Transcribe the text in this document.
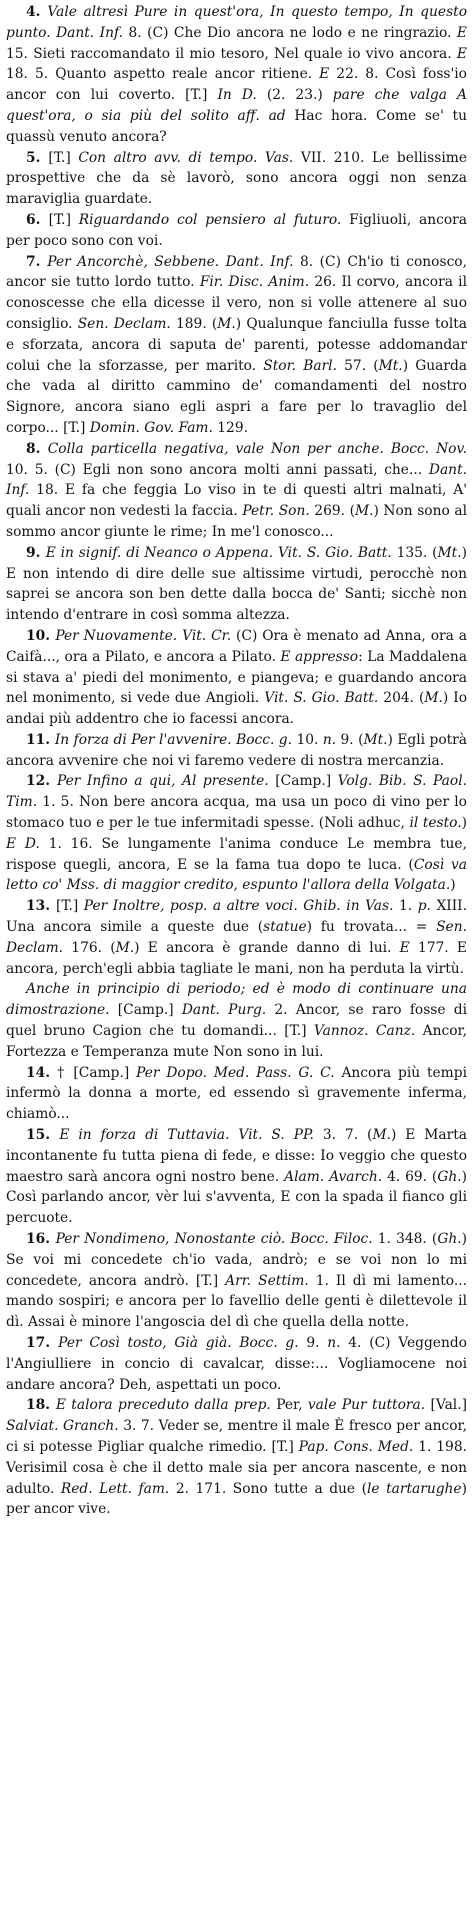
4. Vale altresì Pure in quest'ora, In questo tempo, In questo punto. Dant. Inf. 8. (C) Che Dio ancora ne lodo e ne ringrazio. E 15. Sieti raccomandato il mio tesoro, Nel quale io vivo ancora. E 18. 5. Quanto aspetto reale ancor ritiene. E 22. 8. Così foss'io ancor con lui coverto. [T.] In D. (2. 23.) pare che valga A quest'ora, o sia più del solito aff. ad Hac hora. Come se' tu quassù venuto ancora?

5. [T.] Con altro avv. di tempo. Vas. VII. 210. Le bellissime prospettive che da sè lavorò, sono ancora oggi non senza maraviglia guardate.

6. [T.] Riguardando col pensiero al futuro. Figliuoli, ancora per poco sono con voi.

7. Per Ancorchè, Sebbene. Dant. Inf. 8. (C) Ch'io ti conosco, ancor sie tutto lordo tutto. Fir. Disc. Anim. 26. Il corvo, ancora il conoscesse che ella dicesse il vero, non si volle attenere al suo consiglio. Sen. Declam. 189. (M.) Qualunque fanciulla fusse tolta e sforzata, ancora di saputa de' parenti, potesse addomandar colui che la sforzasse, per marito. Stor. Barl. 57. (Mt.) Guarda che vada al diritto cammino de' comandamenti del nostro Signore, ancora siano egli aspri a fare per lo travaglio del corpo... [T.] Domin. Gov. Fam. 129.

8. Colla particella negativa, vale Non per anche. Bocc. Nov. 10. 5. (C) Egli non sono ancora molti anni passati, che... Dant. Inf. 18. E fa che feggia Lo viso in te di questi altri malnati, A' quali ancor non vedesti la faccia. Petr. Son. 269. (M.) Non sono al sommo ancor giunte le rime; In me'l conosco...

9. E in signif. di Neanco o Appena. Vit. S. Gio. Batt. 135. (Mt.) E non intendo di dire delle sue altissime virtudi, perocchè non saprei se ancora son ben dette dalla bocca de' Santi; sicchè non intendo d'entrare in così somma altezza.

10. Per Nuovamente. Vit. Cr. (C) Ora è menato ad Anna, ora a Caifà..., ora a Pilato, e ancora a Pilato. E appresso: La Maddalena si stava a' piedi del monimento, e piangeva; e guardando ancora nel monimento, si vede due Angioli. Vit. S. Gio. Batt. 204. (M.) Io andai più addentro che io facessi ancora.

11. In forza di Per l'avvenire. Bocc. g. 10. n. 9. (Mt.) Egli potrà ancora avvenire che noi vi faremo vedere di nostra mercanzia.

12. Per Infino a qui, Al presente. [Camp.] Volg. Bib. S. Paol. Tim. 1. 5. Non bere ancora acqua, ma usa un poco di vino per lo stomaco tuo e per le tue infermitadi spesse. (Noli adhuc, il testo.) E D. 1. 16. Se lungamente l'anima conduce Le membra tue, rispose quegli, ancora, E se la fama tua dopo te luca. (Così va letto co' Mss. di maggior credito, espunto l'allora della Volgata.)

13. [T.] Per Inoltre, posp. a altre voci. Ghib. in Vas. 1. p. XIII. Una ancora simile a queste due (statue) fu trovata... = Sen. Declam. 176. (M.) E ancora è grande danno di lui. E 177. E ancora, perch'egli abbia tagliate le mani, non ha perduta la virtù.

Anche in principio di periodo; ed è modo di continuare una dimostrazione. [Camp.] Dant. Purg. 2. Ancor, se raro fosse di quel bruno Cagion che tu domandi... [T.] Vannoz. Canz. Ancor, Fortezza e Temperanza mute Non sono in lui.

14. † [Camp.] Per Dopo. Med. Pass. G. C. Ancora più tempi infermò la donna a morte, ed essendo sì gravemente inferma, chiamò...

15. E in forza di Tuttavia. Vit. S. PP. 3. 7. (M.) E Marta incontanente fu tutta piena di fede, e disse: Io veggio che questo maestro sarà ancora ogni nostro bene. Alam. Avarch. 4. 69. (Gh.) Così parlando ancor, vèr lui s'avventa, E con la spada il fianco gli percuote.

16. Per Nondimeno, Nonostante ciò. Bocc. Filoc. 1. 348. (Gh.) Se voi mi concedete ch'io vada, andrò; e se voi non lo mi concedete, ancora andrò. [T.] Arr. Settim. 1. Il dì mi lamento... mando sospiri; e ancora per lo favellio delle genti è dilettevole il dì. Assai è minore l'angoscia del dì che quella della notte.

17. Per Così tosto, Già già. Bocc. g. 9. n. 4. (C) Veggendo l'Angiulliere in concio di cavalcar, disse:... Vogliamocene noi andare ancora? Deh, aspettati un poco.

18. E talora preceduto dalla prep. Per, vale Pur tuttora. [Val.] Salviat. Granch. 3. 7. Veder se, mentre il male È fresco per ancor, ci si potesse Pigliar qualche rimedio. [T.] Pap. Cons. Med. 1. 198. Verisimil cosa è che il detto male sia per ancora nascente, e non adulto. Red. Lett. fam. 2. 171. Sono tutte a due (le tartarughe) per ancor vive.
